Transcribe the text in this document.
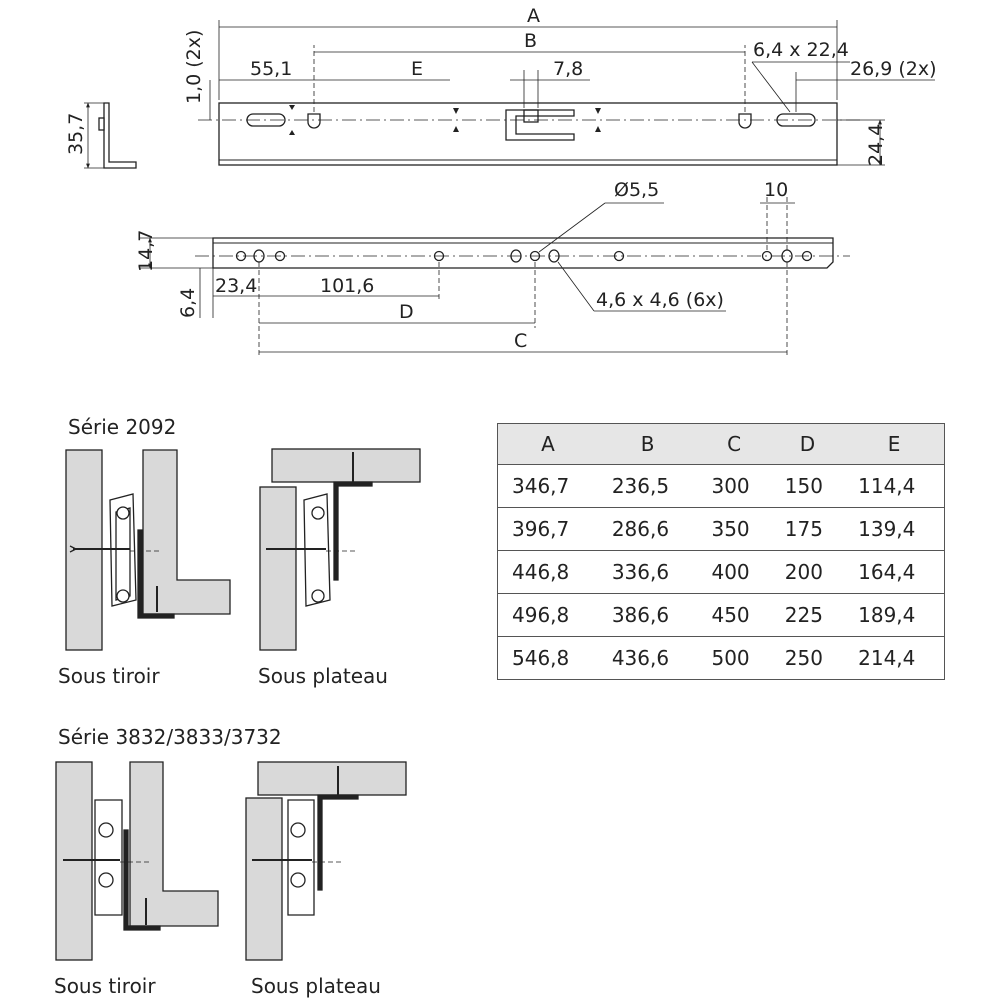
A
B
E
55,1	7,8
6,4 x 22,4
26,9 (2x)
1,0 (2x)
35,7	24,4
Ø5,5	10
14,7
6,4
23,4	101,6
D
C
4,6 x 4,6 (6x)
Série 2092
Sous tiroir	Sous plateau
Série 3832/3833/3732
Sous tiroir	Sous plateau
A	B	C	D	E
346,7	236,5	300	150	114,4
396,7	286,6	350	175	139,4
446,8	336,6	400	200	164,4
496,8	386,6	450	225	189,4
546,8	436,6	500	250	214,4
